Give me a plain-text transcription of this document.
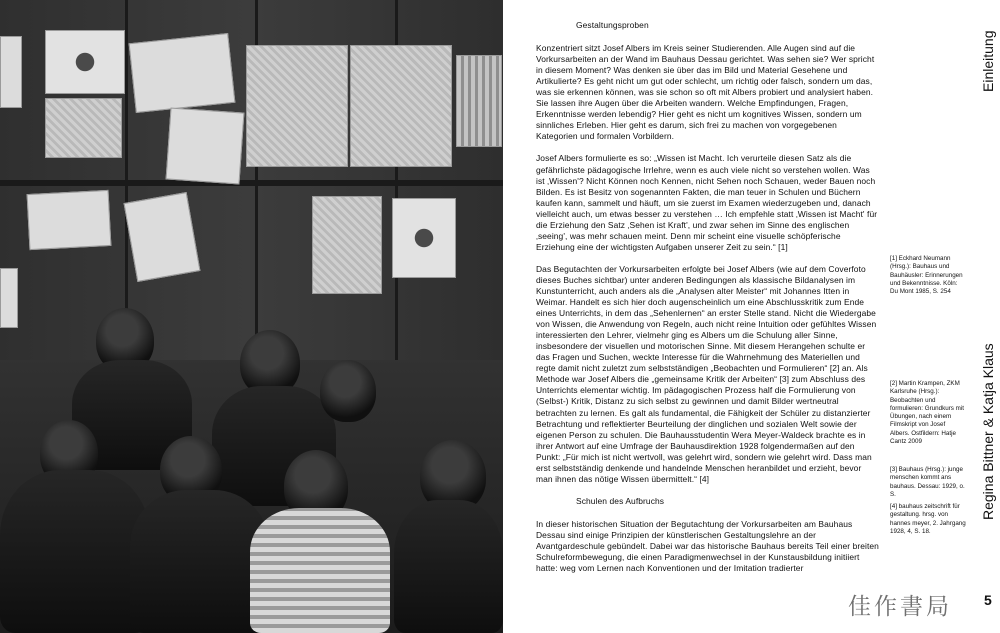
Gestaltungsproben

Konzentriert sitzt Josef Albers im Kreis seiner Studierenden. Alle Augen sind auf die Vorkursarbeiten an der Wand im Bauhaus Dessau gerichtet. Was sehen sie? Wer spricht in diesem Moment? Was denken sie über das im Bild und Material Gesehene und Artikulierte? Es geht nicht um gut oder schlecht, um richtig oder falsch, sondern um das, was sie erkennen können, was sie schon so oft mit Albers probiert und analysiert haben. Sie lassen ihre Augen über die Arbeiten wandern. Welche Empfindungen, Fragen, Erkenntnisse werden lebendig? Hier geht es nicht um kognitives Wissen, sondern um sinnliches Erleben. Hier geht es darum, sich frei zu machen von vorgegebenen Kategorien und formalen Vorbildern.

Josef Albers formulierte es so: „Wissen ist Macht. Ich verurteile diesen Satz als die gefährlichste pädagogische Irrlehre, wenn es auch viele nicht so verstehen wollen. Was ist ‚Wissen'? Nicht Können noch Kennen, nicht Sehen noch Schauen, weder Bauen noch Bilden. Es ist Besitz von sogenannten Fakten, die man teuer in Schulen und Büchern kaufen kann, sammelt und häuft, um sie zuerst im Examen wiederzugeben und, danach vielleicht auch, um etwas besser zu verstehen … Ich empfehle statt ‚Wissen ist Macht' für die Erziehung den Satz ‚Sehen ist Kraft', und zwar sehen im Sinne des englischen ‚seeing', was mehr schauen meint. Denn mir scheint eine visuelle schöpferische Erziehung eine der wichtigsten Aufgaben unserer Zeit zu sein.“ [1]

Das Begutachten der Vorkursarbeiten erfolgte bei Josef Albers (wie auf dem Coverfoto dieses Buches sichtbar) unter anderen Bedingungen als klassische Bildanalysen im Kunstunterricht, auch anders als die „Analysen alter Meister“ mit Johannes Itten in Weimar. Handelt es sich hier doch augenscheinlich um eine Abschlusskritik zum Ende eines Unterrichts, in dem das „Sehenlernen“ an erster Stelle stand. Nicht die Wiedergabe von Wissen, die Anwendung von Regeln, auch nicht reine Intuition oder gefühltes Wissen interessierten den Lehrer, vielmehr ging es Albers um die Schulung aller Sinne, insbesondere der visuellen und motorischen Sinne. Mit diesem Herangehen schulte er das Fragen und Suchen, weckte Interesse für die Wahrnehmung des Materiellen und regte damit nicht zuletzt zum selbstständigen „Beobachten und Formulieren“ [2] an. Als Methode war Josef Albers die „gemeinsame Kritik der Arbeiten“ [3] zum Abschluss des Unterrichts elementar wichtig. Im pädagogischen Prozess half die Formulierung von (Selbst-) Kritik, Distanz zu sich selbst zu gewinnen und damit Bilder wertneutral betrachten zu lernen. Es galt als fundamental, die Fähigkeit der Schüler zu distanzierter Betrachtung und reflektierter Beurteilung der dinglichen und sozialen Welt sowie der eigenen Person zu schulen. Die Bauhausstudentin Wera Meyer-Waldeck brachte es in ihrer Antwort auf eine Umfrage der Bauhausdirektion 1928 folgendermaßen auf den Punkt: „Für mich ist nicht wertvoll, was gelehrt wird, sondern wie gelehrt wird. Dass man erst selbstständig denkende und handelnde Menschen heranbildet und erzieht, bevor man ihnen das nötige Wissen übermittelt.“ [4]

Schulen des Aufbruchs

In dieser historischen Situation der Begutachtung der Vorkursarbeiten am Bauhaus Dessau sind einige Prinzipien der künstlerischen Gestaltungslehre an der Avantgardeschule gebündelt. Dabei war das historische Bauhaus bereits Teil einer breiten Schulreformbewegung, die einen Paradigmenwechsel in der Kunstausbildung initiiert hatte: weg vom Lernen nach Konventionen und der Imitation tradierter

[1] Eckhard Neumann (Hrsg.): Bauhaus und Bauhäusler: Erinnerungen und Bekenntnisse. Köln: Du Mont 1985, S. 254
[2] Martin Krampen, ZKM Karlsruhe (Hrsg.): Beobachten und formulieren: Grundkurs mit Übungen, nach einem Filmskript von Josef Albers. Ostfildern: Hatje Cantz 2009
[3] Bauhaus (Hrsg.): junge menschen kommt ans bauhaus. Dessau: 1929, o. S.
[4] bauhaus zeitschrift für gestaltung. hrsg. von hannes meyer, 2. Jahrgang 1928, 4, S. 18.
Einleitung
Regina Bittner & Katja Klaus
5
佳作書局
